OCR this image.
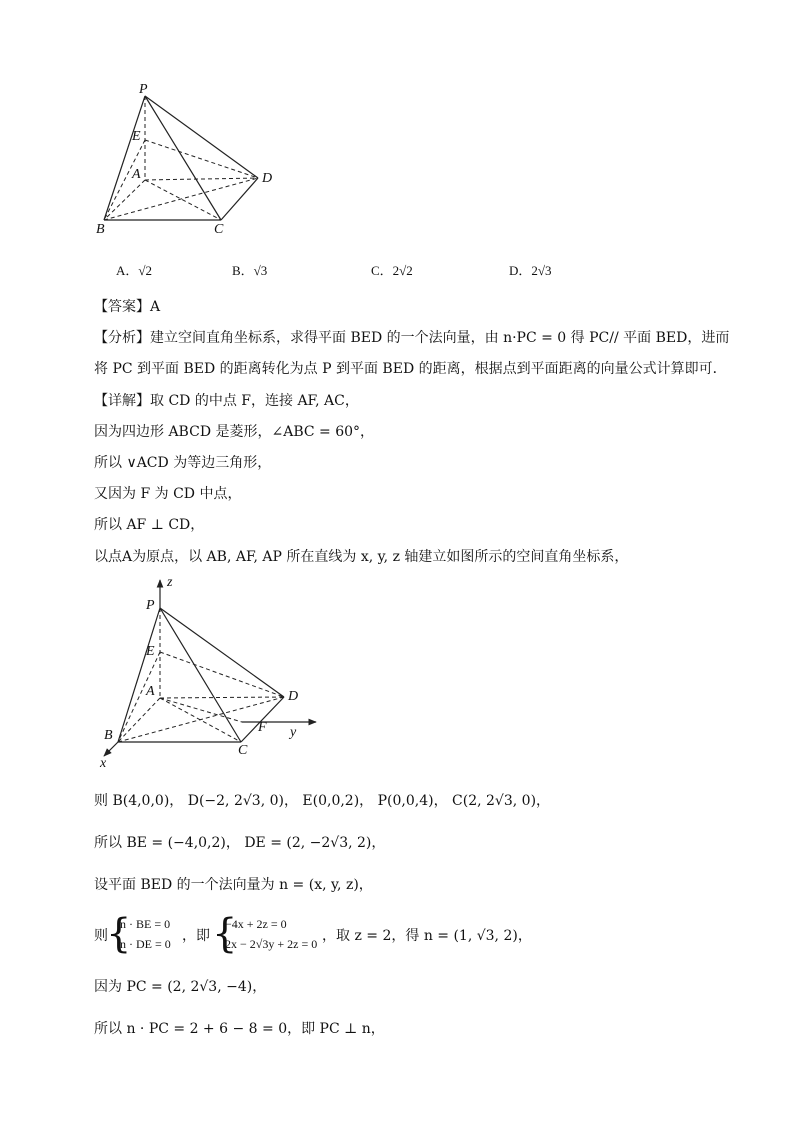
P
E
A	D
B	C
A．√2	B．√3	C．2√2	D．2√3
【答案】A
【分析】建立空间直角坐标系，求得平面 BED 的一个法向量，由 n·PC = 0 得 PC// 平面 BED，进而
将 PC 到平面 BED 的距离转化为点 P 到平面 BED 的距离，根据点到平面距离的向量公式计算即可．
【详解】取 CD 的中点 F，连接 AF, AC，
因为四边形 ABCD 是菱形，∠ABC = 60°，
所以 ∨ACD 为等边三角形，
又因为 F 为 CD 中点，
所以 AF ⊥ CD，
以点A为原点，以 AB, AF, AP 所在直线为 x, y, z 轴建立如图所示的空间直角坐标系，
z
P
E
A	D
B
F y
C
x
则 B(4,0,0)， D(−2, 2√3, 0)， E(0,0,2)， P(0,0,4)， C(2, 2√3, 0)，
所以 BE = (−4,0,2)， DE = (2, −2√3, 2)，
设平面 BED 的一个法向量为 n = (x, y, z)，
则
{
n · BE = 0
n · DE = 0 ，即 {
−4x + 2z = 0
2x − 2√3y + 2z = 0 ，取 z = 2，得 n = (1, √3, 2)，
因为 PC = (2, 2√3, −4)，
所以 n · PC = 2 + 6 − 8 = 0，即 PC ⊥ n，
